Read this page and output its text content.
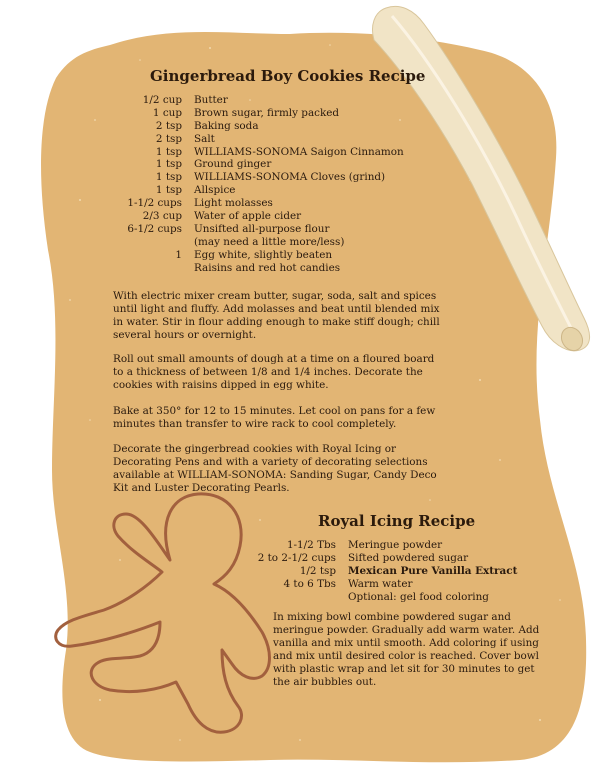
Gingerbread Boy Cookies Recipe
1/2 cup	Butter
1 cup	Brown sugar, firmly packed
2 tsp	Baking soda
2 tsp	Salt
1 tsp	WILLIAMS-SONOMA Saigon Cinnamon
1 tsp	Ground ginger
1 tsp	WILLIAMS-SONOMA Cloves (grind)
1 tsp	Allspice
1-1/2 cups	Light molasses
2/3 cup	Water of apple cider
6-1/2 cups	Unsifted all-purpose flour
(may need a little more/less)
1	Egg white, slightly beaten
Raisins and red hot candies

With electric mixer cream butter, sugar, soda, salt and spices until light and fluffy. Add molasses and beat until blended mix in water. Stir in flour adding enough to make stiff dough; chill several hours or overnight.

Roll out small amounts of dough at a time on a floured board to a thickness of between 1/8 and 1/4 inches. Decorate the cookies with raisins dipped in egg white.

Bake at 350° for 12 to 15 minutes. Let cool on pans for a few minutes than transfer to wire rack to cool completely.

Decorate the gingerbread cookies with Royal Icing or Decorating Pens and with a variety of decorating selections available at WILLIAM-SONOMA: Sanding Sugar, Candy Deco Kit and Luster Decorating Pearls.

Royal Icing Recipe
1-1/2 Tbs	Meringue powder
2 to 2-1/2 cups	Sifted powdered sugar
1/2 tsp	Mexican Pure Vanilla Extract
4 to 6 Tbs	Warm water
Optional: gel food coloring

In mixing bowl combine powdered sugar and meringue powder. Gradually add warm water. Add vanilla and mix until smooth. Add coloring if using and mix until desired color is reached. Cover bowl with plastic wrap and let sit for 30 minutes to get the air bubbles out.
